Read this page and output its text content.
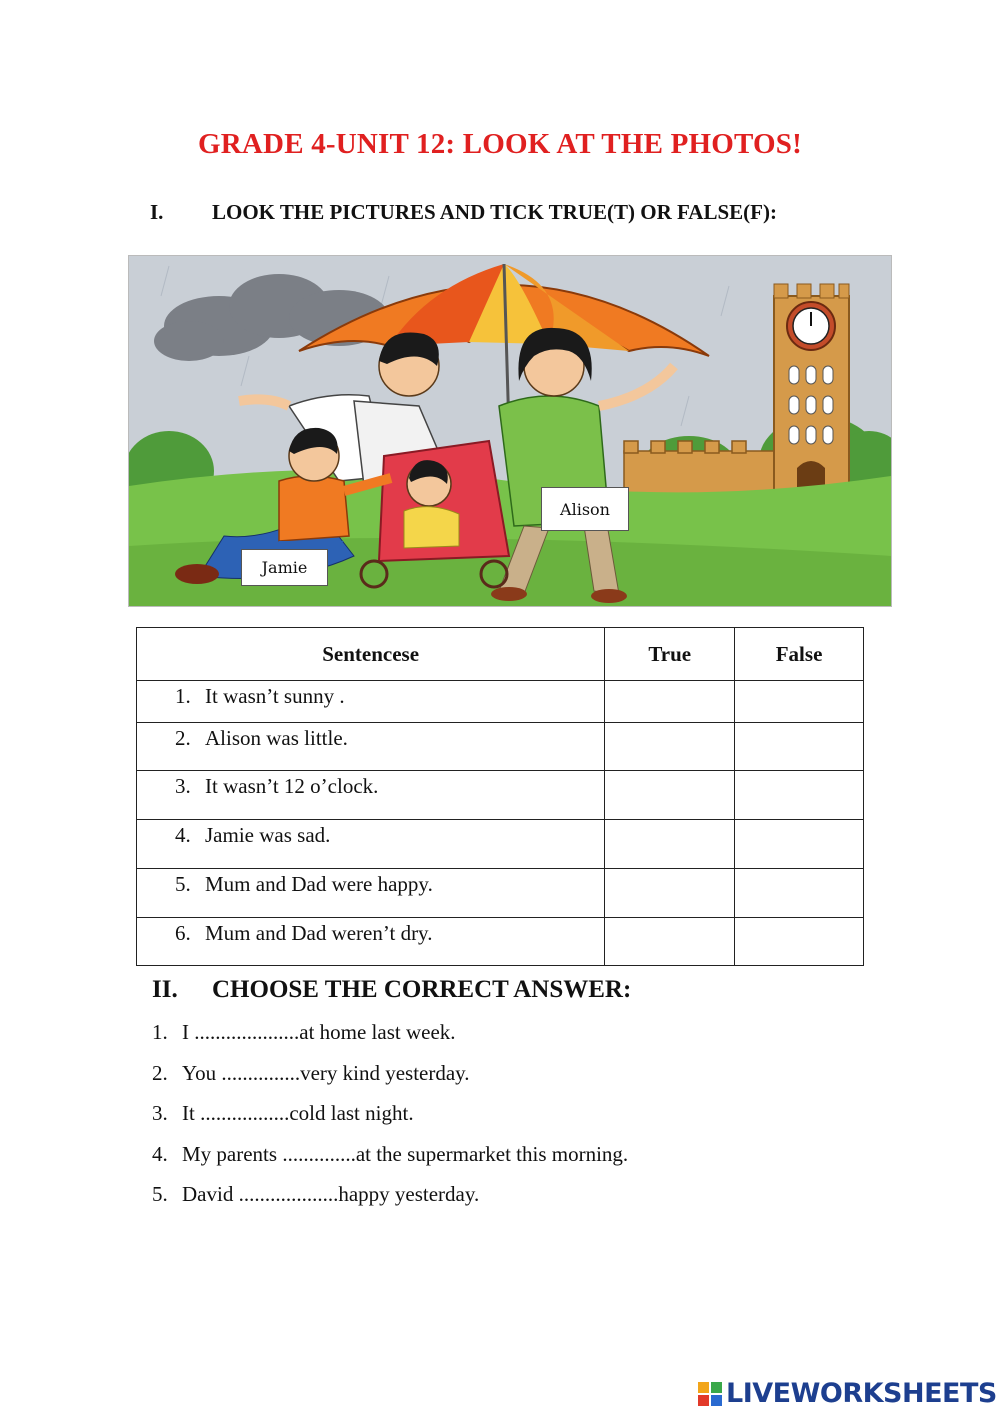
GRADE 4-UNIT 12: LOOK AT THE PHOTOS!
I. LOOK THE PICTURES AND TICK TRUE(T) OR FALSE(F):
Alison
Jamie
Sentencese	True	False
1. It wasn’t sunny .		
2. Alison was little.		
3. It wasn’t 12 o’clock.		
4. Jamie was sad.		
5. Mum and Dad were happy.		
6. Mum and Dad weren’t dry.		
II. CHOOSE THE CORRECT ANSWER:
1. I ....................at home last week.
2. You ...............very kind yesterday.
3. It .................cold last night.
4. My parents ..............at the supermarket this morning.
5. David ...................happy yesterday.
LIVEWORKSHEETS
